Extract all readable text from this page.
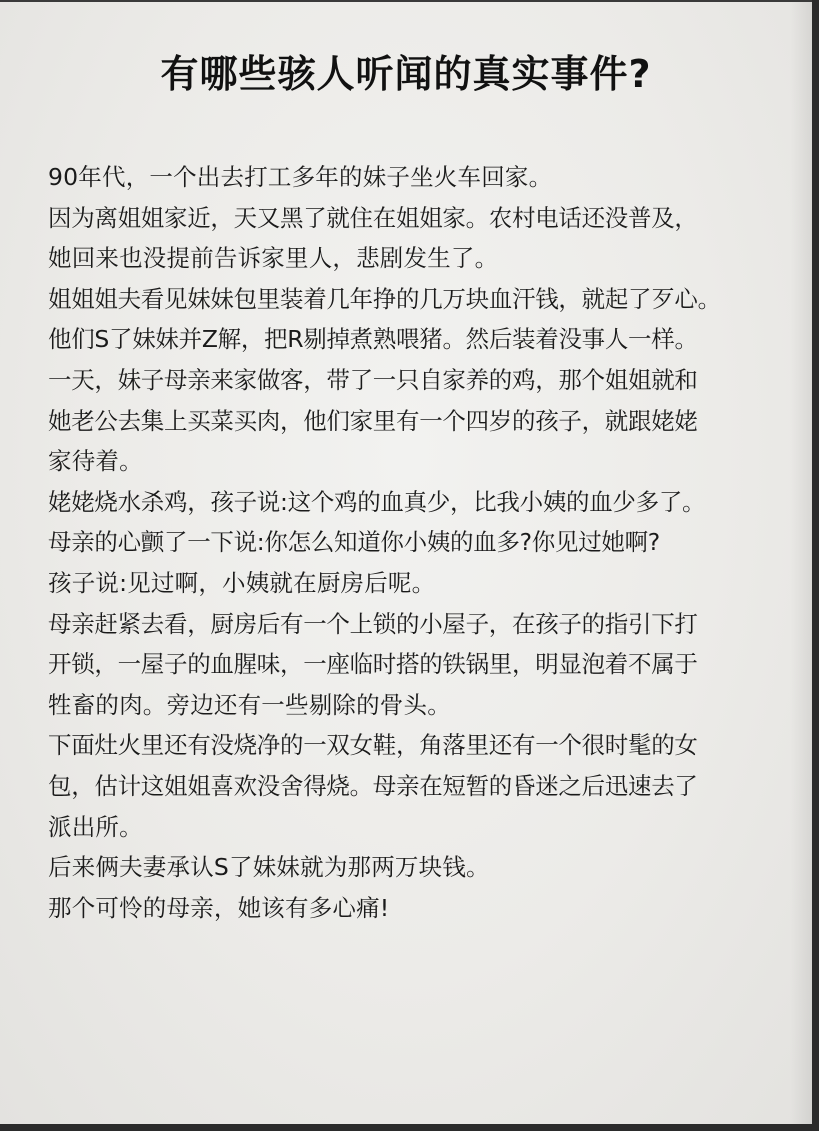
有哪些骇人听闻的真实事件?
90年代，一个出去打工多年的妹子坐火车回家。
因为离姐姐家近，天又黑了就住在姐姐家。农村电话还没普及，
她回来也没提前告诉家里人，悲剧发生了。
姐姐姐夫看见妹妹包里装着几年挣的几万块血汗钱，就起了歹心。
他们S了妹妹并Z解，把R剔掉煮熟喂猪。然后装着没事人一样。
一天，妹子母亲来家做客，带了一只自家养的鸡，那个姐姐就和
她老公去集上买菜买肉，他们家里有一个四岁的孩子，就跟姥姥
家待着。
姥姥烧水杀鸡，孩子说:这个鸡的血真少，比我小姨的血少多了。
母亲的心颤了一下说:你怎么知道你小姨的血多?你见过她啊?
孩子说:见过啊，小姨就在厨房后呢。
母亲赶紧去看，厨房后有一个上锁的小屋子，在孩子的指引下打
开锁，一屋子的血腥味，一座临时搭的铁锅里，明显泡着不属于
牲畜的肉。旁边还有一些剔除的骨头。
下面灶火里还有没烧净的一双女鞋，角落里还有一个很时髦的女
包，估计这姐姐喜欢没舍得烧。母亲在短暂的昏迷之后迅速去了
派出所。
后来俩夫妻承认S了妹妹就为那两万块钱。
那个可怜的母亲，她该有多心痛!
